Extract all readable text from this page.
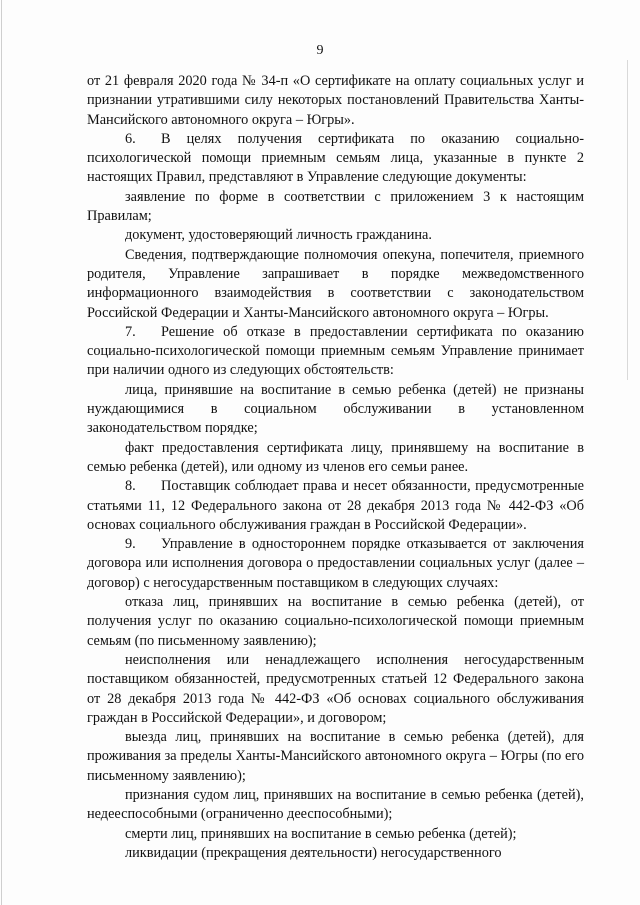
9

от 21 февраля 2020 года № 34-п «О сертификате на оплату социальных услуг и признании утратившими силу некоторых постановлений Правительства Ханты-Мансийского автономного округа – Югры».

6. В целях получения сертификата по оказанию социально-психологической помощи приемным семьям лица, указанные в пункте 2 настоящих Правил, представляют в Управление следующие документы:

заявление по форме в соответствии с приложением 3 к настоящим Правилам;

документ, удостоверяющий личность гражданина.

Сведения, подтверждающие полномочия опекуна, попечителя, приемного родителя, Управление запрашивает в порядке межведомственного информационного взаимодействия в соответствии с законодательством Российской Федерации и Ханты-Мансийского автономного округа – Югры.

7. Решение об отказе в предоставлении сертификата по оказанию социально-психологической помощи приемным семьям Управление принимает при наличии одного из следующих обстоятельств:

лица, принявшие на воспитание в семью ребенка (детей) не признаны нуждающимися в социальном обслуживании в установленном законодательством порядке;

факт предоставления сертификата лицу, принявшему на воспитание в семью ребенка (детей), или одному из членов его семьи ранее.

8. Поставщик соблюдает права и несет обязанности, предусмотренные статьями 11, 12 Федерального закона от 28 декабря 2013 года № 442-ФЗ «Об основах социального обслуживания граждан в Российской Федерации».

9. Управление в одностороннем порядке отказывается от заключения договора или исполнения договора о предоставлении социальных услуг (далее – договор) с негосударственным поставщиком в следующих случаях:

отказа лиц, принявших на воспитание в семью ребенка (детей), от получения услуг по оказанию социально-психологической помощи приемным семьям (по письменному заявлению);

неисполнения или ненадлежащего исполнения негосударственным поставщиком обязанностей, предусмотренных статьей 12 Федерального закона от 28 декабря 2013 года № 442-ФЗ «Об основах социального обслуживания граждан в Российской Федерации», и договором;

выезда лиц, принявших на воспитание в семью ребенка (детей), для проживания за пределы Ханты-Мансийского автономного округа – Югры (по его письменному заявлению);

признания судом лиц, принявших на воспитание в семью ребенка (детей), недееспособными (ограниченно дееспособными);

смерти лиц, принявших на воспитание в семью ребенка (детей);

ликвидации (прекращения деятельности) негосударственного
